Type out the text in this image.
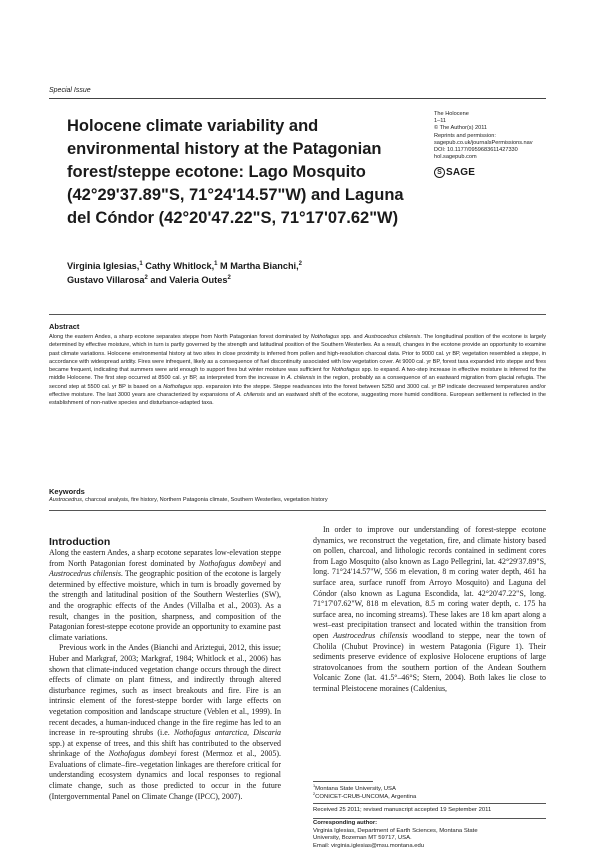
Special Issue
The Holocene
1–11
© The Author(s) 2011
Reprints and permission:
sagepub.co.uk/journalsPermissions.nav
DOI: 10.1177/0959683611427330
hol.sagepub.com
S SAGE
Holocene climate variability and
environmental history at the Patagonian
forest/steppe ecotone: Lago Mosquito
(42°29'37.89"S, 71°24'14.57"W) and Laguna
del Cóndor (42°20'47.22"S, 71°17'07.62"W)
Virginia Iglesias,$^1$ Cathy Whitlock,$^1$ M Martha Bianchi,$^2$
Gustavo Villarosa$^2$ and Valeria Outes$^2$
Abstract
Along the eastern Andes, a sharp ecotone separates steppe from North Patagonian forest dominated by Nothofagus spp. and Austrocedrus chilensis. The longitudinal position of the ecotone is largely determined by effective moisture, which in turn is partly governed by the strength and latitudinal position of the Southern Westerlies. As a result, changes in the ecotone provide an opportunity to examine past climate variations. Holocene environmental history at two sites in close proximity is inferred from pollen and high-resolution charcoal data. Prior to 9000 cal. yr BP, vegetation resembled a steppe, in accordance with widespread aridity. Fires were infrequent, likely as a consequence of fuel discontinuity associated with low vegetation cover. At 9000 cal. yr BP, forest taxa expanded into steppe and fires became frequent, indicating that summers were arid enough to support fires but winter moisture was sufficient for Nothofagus spp. to expand. A two-step increase in effective moisture is inferred for the middle Holocene. The first step occurred at 8500 cal. yr BP, as interpreted from the increase in A. chilensis in the region, probably as a consequence of an eastward migration from glacial refugia. The second step at 5500 cal. yr BP is based on a Nothofagus spp. expansion into the steppe. Steppe readvances into the forest between 5250 and 3000 cal. yr BP indicate decreased temperatures and/or effective moisture. The last 3000 years are characterized by expansions of A. chilensis and an eastward shift of the ecotone, suggesting more humid conditions. European settlement is reflected in the establishment of non-native species and disturbance-adapted taxa.
Keywords
Austrocedrus, charcoal analysis, fire history, Northern Patagonia climate, Southern Westerlies, vegetation history
Introduction
Along the eastern Andes, a sharp ecotone separates low-elevation steppe from North Patagonian forest dominated by Nothofagus dombeyi and Austrocedrus chilensis. The geographic position of the ecotone is largely determined by effective moisture, which in turn is broadly governed by the strength and latitudinal position of the Southern Westerlies (SW), and the orographic effects of the Andes (Villalba et al., 2003). As a result, changes in the position, sharpness, and composition of the Patagonian forest-steppe ecotone provide an opportunity to examine past climate variations.
Previous work in the Andes (Bianchi and Ariztegui, 2012, this issue; Huber and Markgraf, 2003; Markgraf, 1984; Whitlock et al., 2006) has shown that climate-induced vegetation change occurs through the direct effects of climate on plant fitness, and indirectly through altered disturbance regimes, such as insect breakouts and fire. Fire is an intrinsic element of the forest-steppe border with large effects on vegetation composition and landscape structure (Veblen et al., 1999). In recent decades, a human-induced change in the fire regime has led to an increase in re-sprouting shrubs (i.e. Nothofagus antarctica, Discaria spp.) at expense of trees, and this shift has contributed to the observed shrinkage of the Nothofagus dombeyi forest (Mermoz et al., 2005). Evaluations of climate–fire–vegetation linkages are therefore critical for understanding ecosystem dynamics and local responses to regional climate change, such as those predicted to occur in the future (Intergovernmental Panel on Climate Change (IPCC), 2007).
In order to improve our understanding of forest-steppe ecotone dynamics, we reconstruct the vegetation, fire, and climate history based on pollen, charcoal, and lithologic records contained in sediment cores from Lago Mosquito (also known as Lago Pellegrini, lat. 42°29'37.89"S, long. 71°24'14.57"W, 556 m elevation, 8 m coring water depth, 461 ha surface area, surface runoff from Arroyo Mosquito) and Laguna del Cóndor (also known as Laguna Escondida, lat. 42°20'47.22"S, long. 71°17'07.62"W, 818 m elevation, 8.5 m coring water depth, c. 175 ha surface area, no incoming streams). These lakes are 18 km apart along a west–east precipitation transect and located within the transition from open Austrocedrus chilensis woodland to steppe, near the town of Cholila (Chubut Province) in western Patagonia (Figure 1). Their sediments preserve evidence of explosive Holocene eruptions of large stratovolcanoes from the southern portion of the Andean Southern Volcanic Zone (lat. 41.5°–46°S; Stern, 2004). Both lakes lie close to terminal Pleistocene moraines (Caldenius,
$^1$Montana State University, USA
$^2$CONICET-CRUB-UNCOMA, Argentina
Received 25 2011; revised manuscript accepted 19 September 2011
Corresponding author:
Virginia Iglesias, Department of Earth Sciences, Montana State
University, Bozeman MT 59717, USA.
Email: virginia.iglesias@msu.montana.edu
